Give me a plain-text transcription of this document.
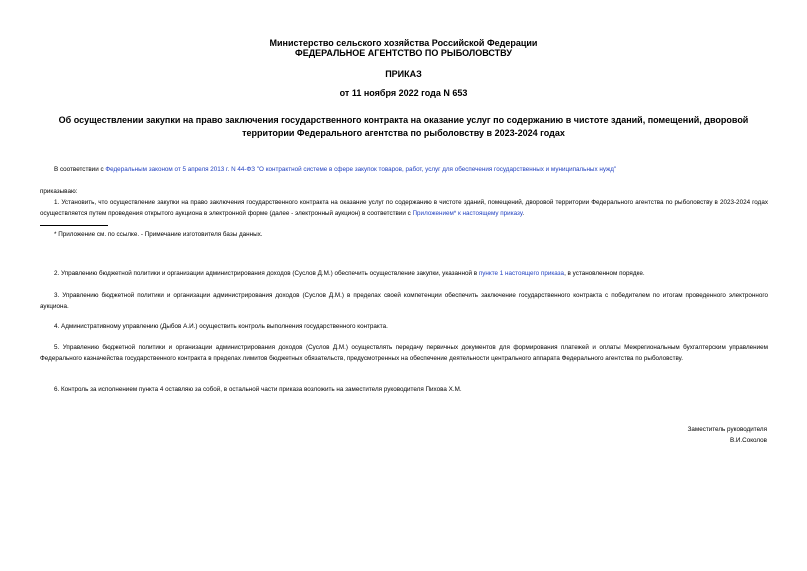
Министерство сельского хозяйства Российской Федерации
ФЕДЕРАЛЬНОЕ АГЕНТСТВО ПО РЫБОЛОВСТВУ
ПРИКАЗ
от 11 ноября 2022 года N 653
Об осуществлении закупки на право заключения государственного контракта на оказание услуг по содержанию в чистоте зданий, помещений, дворовой территории Федерального агентства по рыболовству в 2023-2024 годах
В соответствии с Федеральным законом от 5 апреля 2013 г. N 44-ФЗ "О контрактной системе в сфере закупок товаров, работ, услуг для обеспечения государственных и муниципальных нужд"
приказываю:
1. Установить, что осуществление закупки на право заключения государственного контракта на оказание услуг по содержанию в чистоте зданий, помещений, дворовой территории Федерального агентства по рыболовству в 2023-2024 годах осуществляется путем проведения открытого аукциона в электронной форме (далее - электронный аукцион) в соответствии с Приложением* к настоящему приказу.
* Приложение см. по ссылке. - Примечание изготовителя базы данных.
2. Управлению бюджетной политики и организации администрирования доходов (Суслов Д.М.) обеспечить осуществление закупки, указанной в пункте 1 настоящего приказа, в установленном порядке.
3. Управлению бюджетной политики и организации администрирования доходов (Суслов Д.М.) в пределах своей компетенции обеспечить заключение государственного контракта с победителем по итогам проведенного электронного аукциона.
4. Административному управлению (Дыбов А.И.) осуществить контроль выполнения государственного контракта.
5. Управлению бюджетной политики и организации администрирования доходов (Суслов Д.М.) осуществлять передачу первичных документов для формирования платежей и оплаты Межрегиональным бухгалтерским управлением Федерального казначейства государственного контракта в пределах лимитов бюджетных обязательств, предусмотренных на обеспечение деятельности центрального аппарата Федерального агентства по рыболовству.
6. Контроль за исполнением пункта 4 оставляю за собой, в остальной части приказа возложить на заместителя руководителя Пихова Х.М.
Заместитель руководителя
В.И.Соколов
